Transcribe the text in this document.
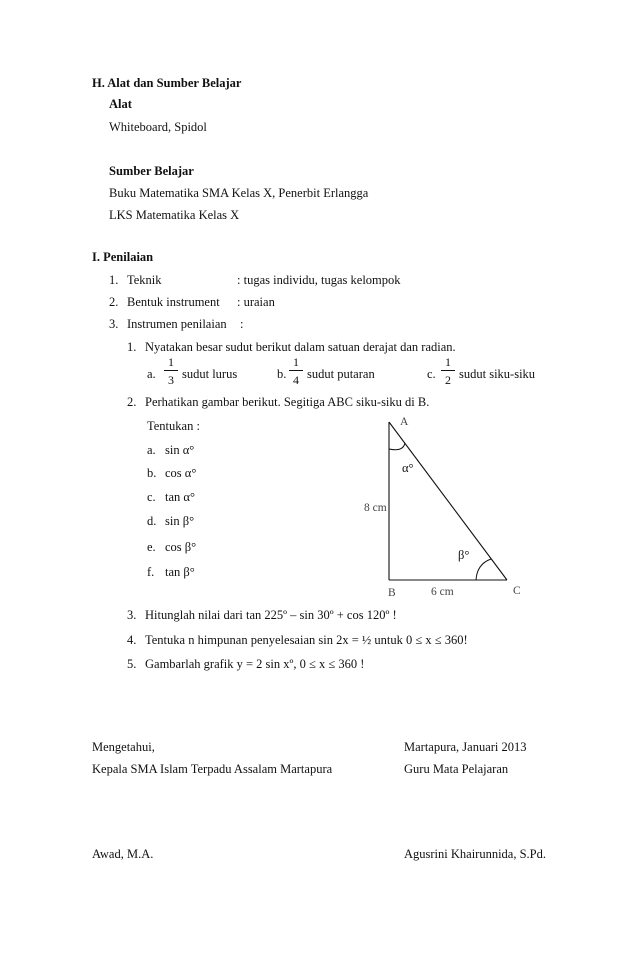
H. Alat dan Sumber Belajar
Alat
Whiteboard, Spidol
Sumber Belajar
Buku Matematika SMA Kelas X, Penerbit Erlangga
LKS Matematika Kelas X
I. Penilaian
1. Teknik	: tugas individu, tugas kelompok
2. Bentuk instrument : uraian
3. Instrumen penilaian :
1. Nyatakan besar sudut berikut dalam satuan derajat dan radian.
a.
1
3 sudut lurus	b.
1
4 sudut putaran	c.
1
2 sudut siku-siku
2. Perhatikan gambar berikut. Segitiga ABC siku-siku di B.
Tentukan :
a. sin α°
b. cos α°
c. tan α°
d. sin β°
e. cos β°
f. tan β°
A
B	C
8 cm
6 cm
α°
β°
3. Hitunglah nilai dari tan 225º – sin 30º + cos 120º !
4. Tentuka n himpunan penyelesaian sin 2x = ½ untuk 0 ≤ x ≤ 360!
5. Gambarlah grafik y = 2 sin xº, 0 ≤ x ≤ 360 !
Mengetahui,
Kepala SMA Islam Terpadu Assalam Martapura
Awad, M.A.
Martapura, Januari 2013
Guru Mata Pelajaran
Agusrini Khairunnida, S.Pd.
